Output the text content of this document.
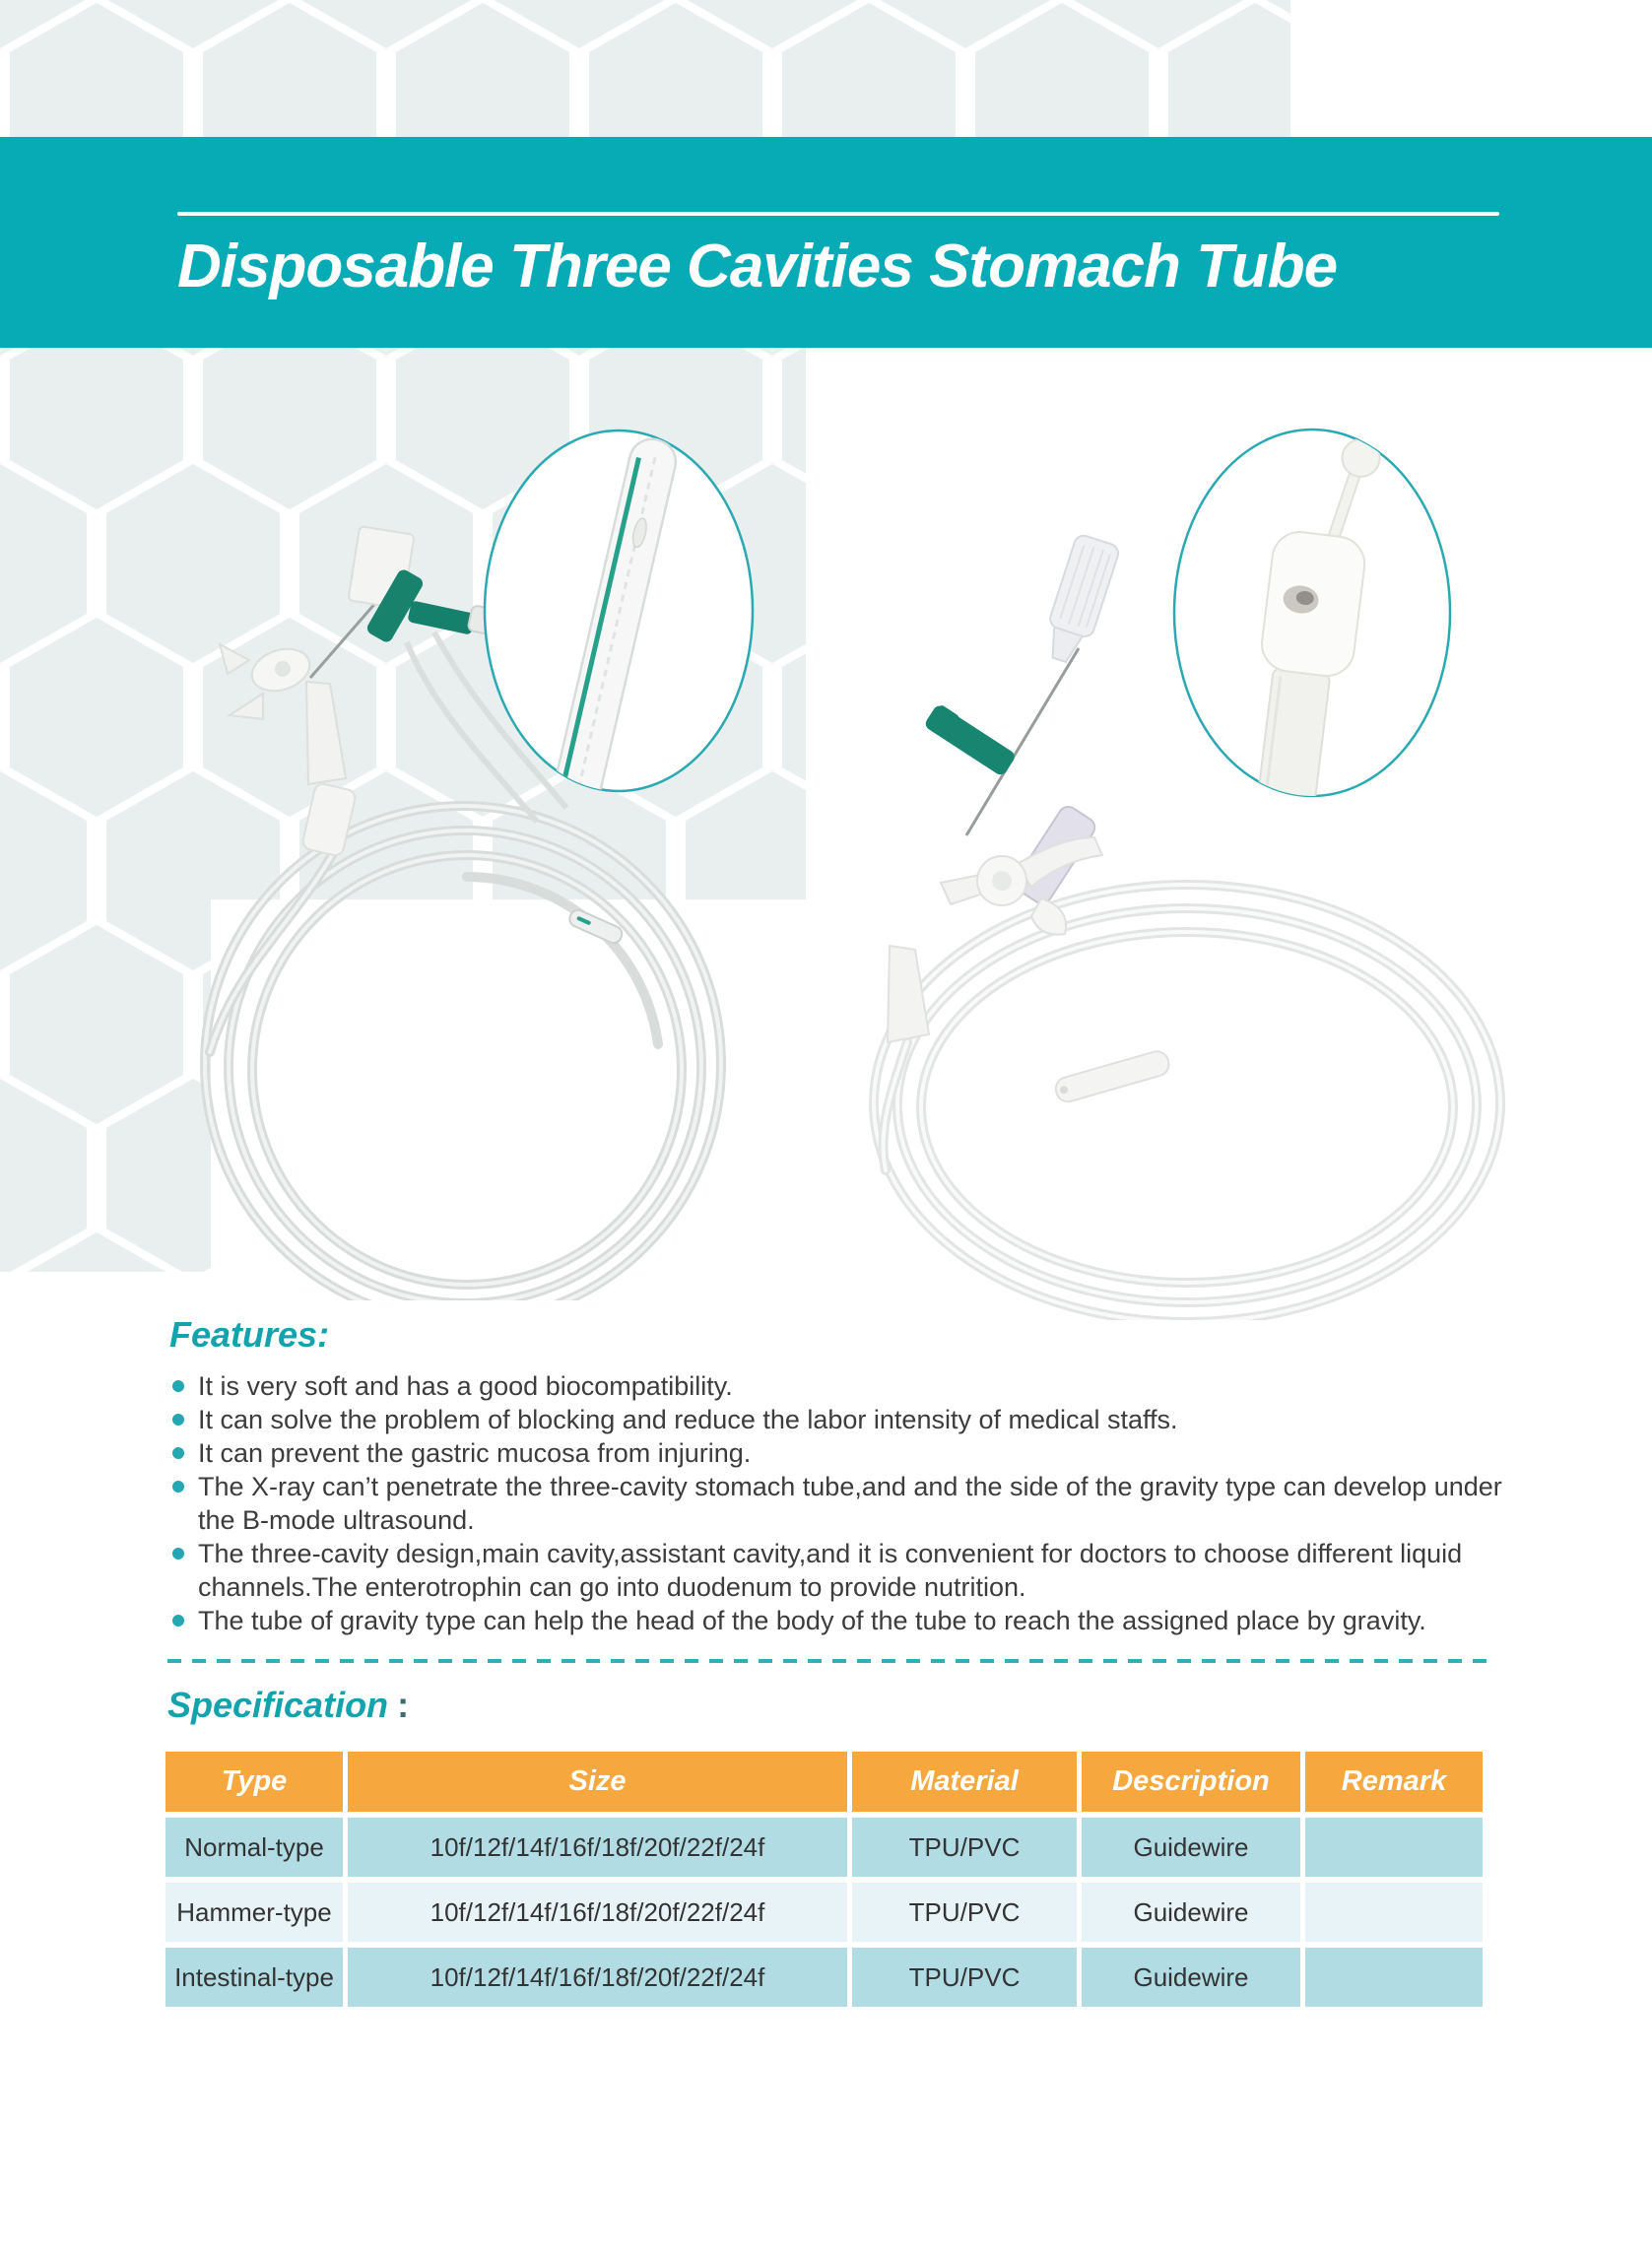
Disposable Three Cavities Stomach Tube
Features:
It is very soft and has a good biocompatibility.
It can solve the problem of blocking and reduce the labor intensity of medical staffs.
It can prevent the gastric mucosa from injuring.
The X-ray can’t penetrate the three-cavity stomach tube,and and the side of the gravity type can develop under the B-mode ultrasound.
The three-cavity design,main cavity,assistant cavity,and it is convenient for doctors to choose different liquid channels.The enterotrophin can go into duodenum to provide nutrition.
The tube of gravity type can help the head of the body of the tube to reach the assigned place by gravity.
Specification :
Type	Size	Material	Description	Remark
Normal-type	10f/12f/14f/16f/18f/20f/22f/24f	TPU/PVC	Guidewire
Hammer-type	10f/12f/14f/16f/18f/20f/22f/24f	TPU/PVC	Guidewire
Intestinal-type	10f/12f/14f/16f/18f/20f/22f/24f	TPU/PVC	Guidewire
